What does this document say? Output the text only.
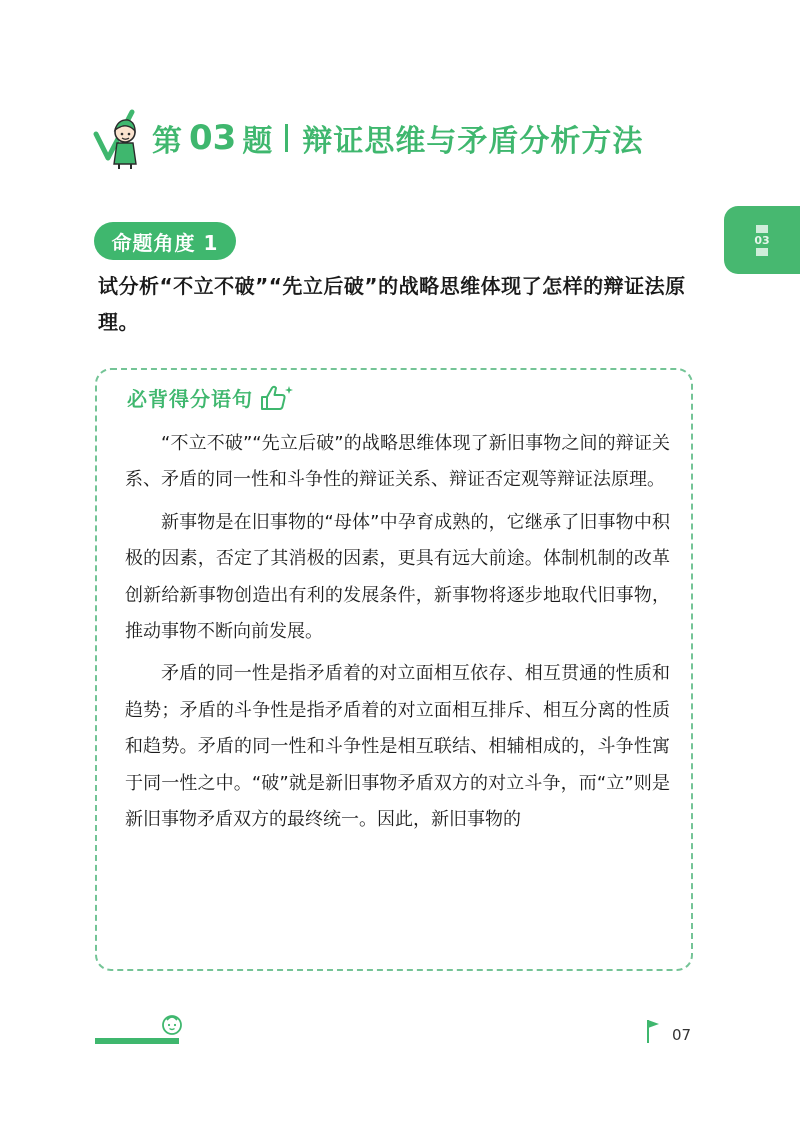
第 03 题 辩证思维与矛盾分析方法
03
命题角度 1
试分析“不立不破”“先立后破”的战略思维体现了怎样的辩证法原理。
必背得分语句

“不立不破”“先立后破”的战略思维体现了新旧事物之间的辩证关系、矛盾的同一性和斗争性的辩证关系、辩证否定观等辩证法原理。

新事物是在旧事物的“母体”中孕育成熟的，它继承了旧事物中积极的因素，否定了其消极的因素，更具有远大前途。体制机制的改革创新给新事物创造出有利的发展条件，新事物将逐步地取代旧事物，推动事物不断向前发展。

矛盾的同一性是指矛盾着的对立面相互依存、相互贯通的性质和趋势；矛盾的斗争性是指矛盾着的对立面相互排斥、相互分离的性质和趋势。矛盾的同一性和斗争性是相互联结、相辅相成的，斗争性寓于同一性之中。“破”就是新旧事物矛盾双方的对立斗争，而“立”则是新旧事物矛盾双方的最终统一。因此，新旧事物的

07
